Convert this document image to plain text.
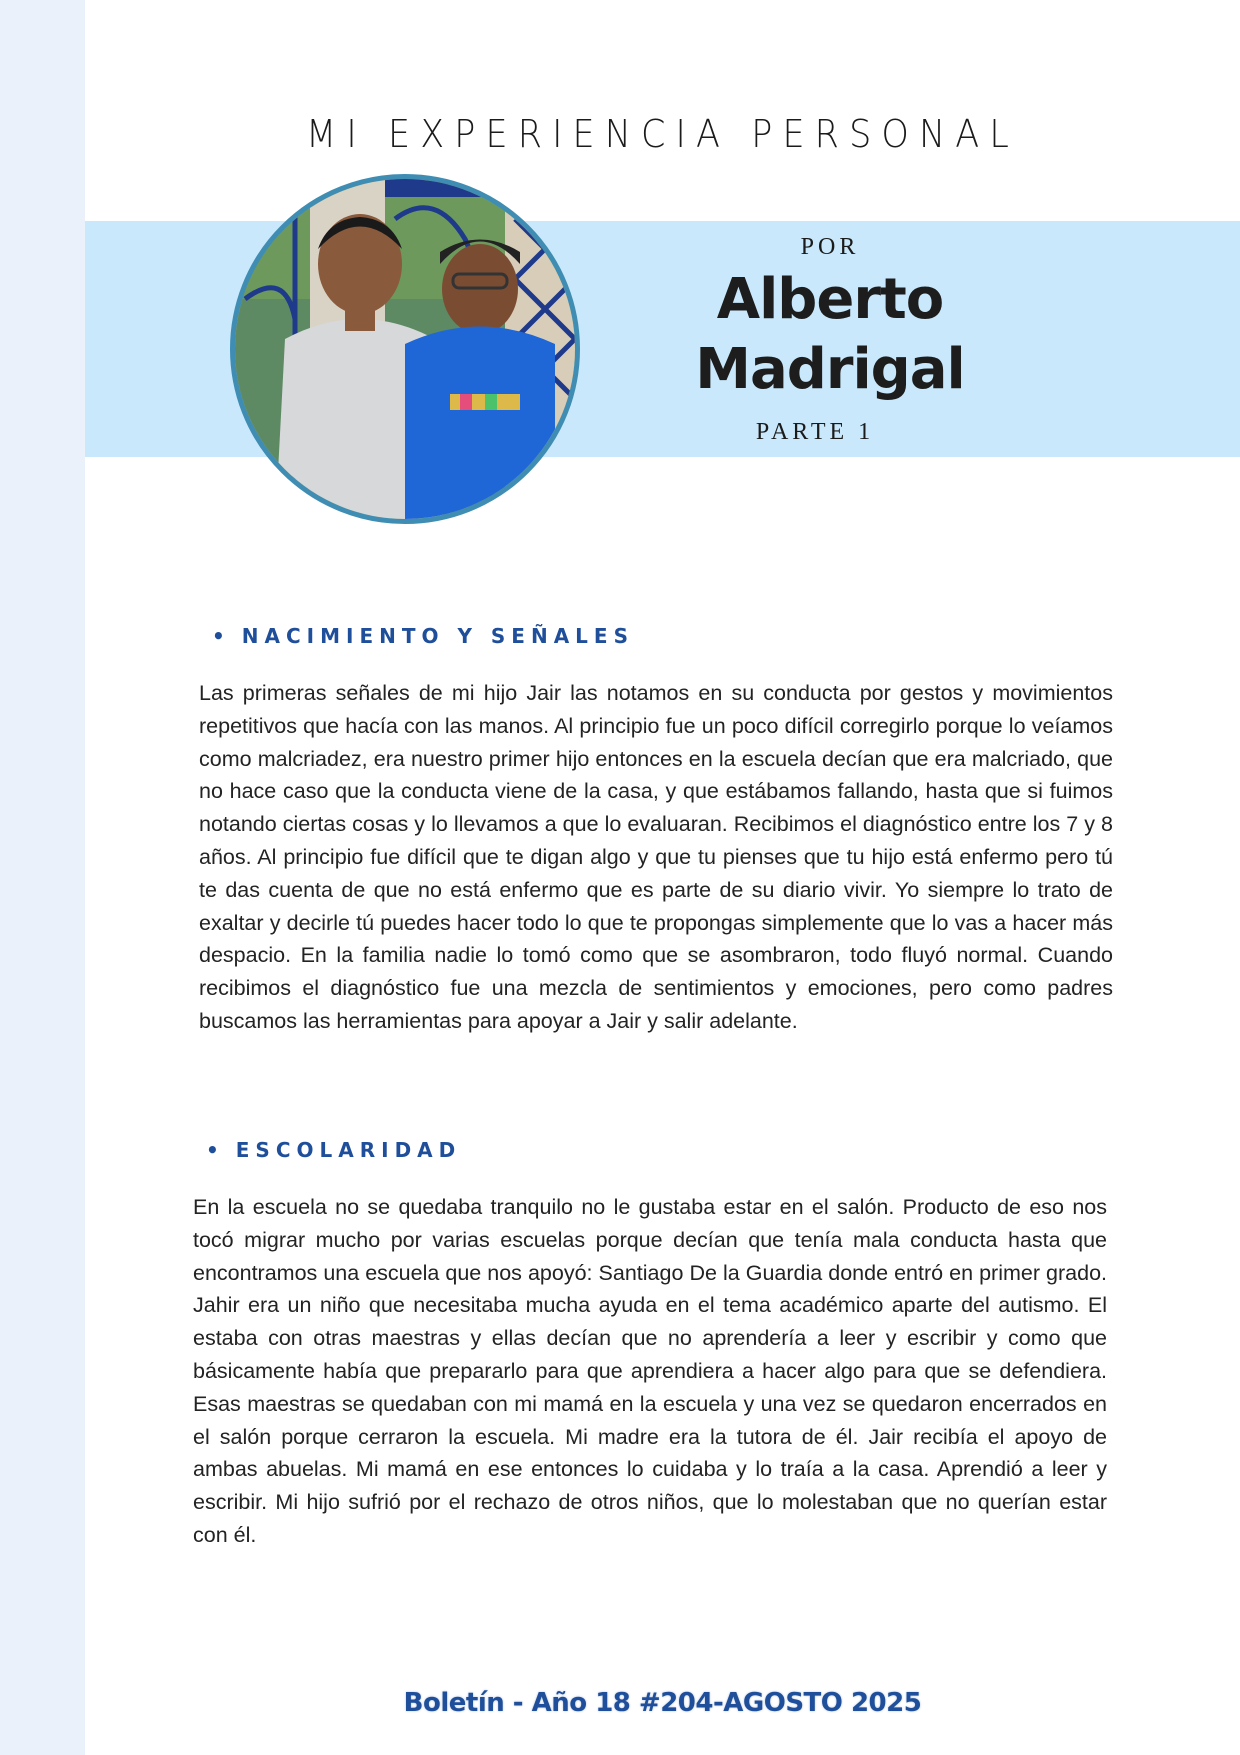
MI EXPERIENCIA PERSONAL
POR
Alberto
Madrigal
PARTE 1
• NACIMIENTO Y SEÑALES
Las primeras señales de mi hijo Jair las notamos en su conducta por gestos y movimientos repetitivos que hacía con las manos. Al principio fue un poco difícil corregirlo porque lo veíamos como malcriadez, era nuestro primer hijo entonces en la escuela decían que era malcriado, que no hace caso que la conducta viene de la casa, y que estábamos fallando, hasta que si fuimos notando ciertas cosas y lo llevamos a que lo evaluaran. Recibimos el diagnóstico entre los 7 y 8 años. Al principio fue difícil que te digan algo y que tu pienses que tu hijo está enfermo pero tú te das cuenta de que no está enfermo que es parte de su diario vivir. Yo siempre lo trato de exaltar y decirle tú puedes hacer todo lo que te propongas simplemente que lo vas a hacer más despacio. En la familia nadie lo tomó como que se asombraron, todo fluyó normal. Cuando recibimos el diagnóstico fue una mezcla de sentimientos y emociones, pero como padres buscamos las herramientas para apoyar a Jair y salir adelante.
• ESCOLARIDAD
En la escuela no se quedaba tranquilo no le gustaba estar en el salón. Producto de eso nos tocó migrar mucho por varias escuelas porque decían que tenía mala conducta hasta que encontramos una escuela que nos apoyó: Santiago De la Guardia donde entró en primer grado. Jahir era un niño que necesitaba mucha ayuda en el tema académico aparte del autismo. El estaba con otras maestras y ellas decían que no aprendería a leer y escribir y como que básicamente había que prepararlo para que aprendiera a hacer algo para que se defendiera. Esas maestras se quedaban con mi mamá en la escuela y una vez se quedaron encerrados en el salón porque cerraron la escuela. Mi madre era la tutora de él. Jair recibía el apoyo de ambas abuelas. Mi mamá en ese entonces lo cuidaba y lo traía a la casa. Aprendió a leer y escribir. Mi hijo sufrió por el rechazo de otros niños, que lo molestaban que no querían estar con él.
Boletín - Año 18 #204-AGOSTO 2025
